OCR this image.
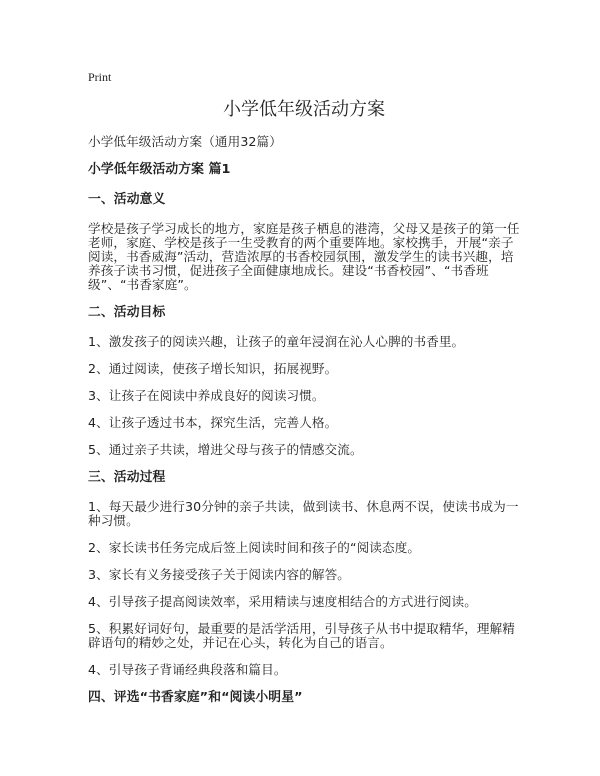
Print
小学低年级活动方案

小学低年级活动方案（通用32篇）

小学低年级活动方案 篇1

一、活动意义

学校是孩子学习成长的地方，家庭是孩子栖息的港湾，父母又是孩子的第一任老师，家庭、学校是孩子一生受教育的两个重要阵地。家校携手，开展“亲子阅读，书香威海”活动，营造浓厚的书香校园氛围，激发学生的读书兴趣，培养孩子读书习惯，促进孩子全面健康地成长。建设“书香校园”、“书香班级”、“书香家庭”。

二、活动目标

1、激发孩子的阅读兴趣，让孩子的童年浸润在沁人心脾的书香里。

2、通过阅读，使孩子增长知识，拓展视野。

3、让孩子在阅读中养成良好的阅读习惯。

4、让孩子透过书本，探究生活，完善人格。

5、通过亲子共读，增进父母与孩子的情感交流。

三、活动过程

1、每天最少进行30分钟的亲子共读，做到读书、休息两不误，使读书成为一种习惯。

2、家长读书任务完成后签上阅读时间和孩子的“阅读态度。

3、家长有义务接受孩子关于阅读内容的解答。

4、引导孩子提高阅读效率，采用精读与速度相结合的方式进行阅读。

5、积累好词好句，最重要的是活学活用，引导孩子从书中提取精华，理解精辟语句的精妙之处，并记在心头，转化为自己的语言。

4、引导孩子背诵经典段落和篇目。

四、评选“书香家庭”和“阅读小明星”
